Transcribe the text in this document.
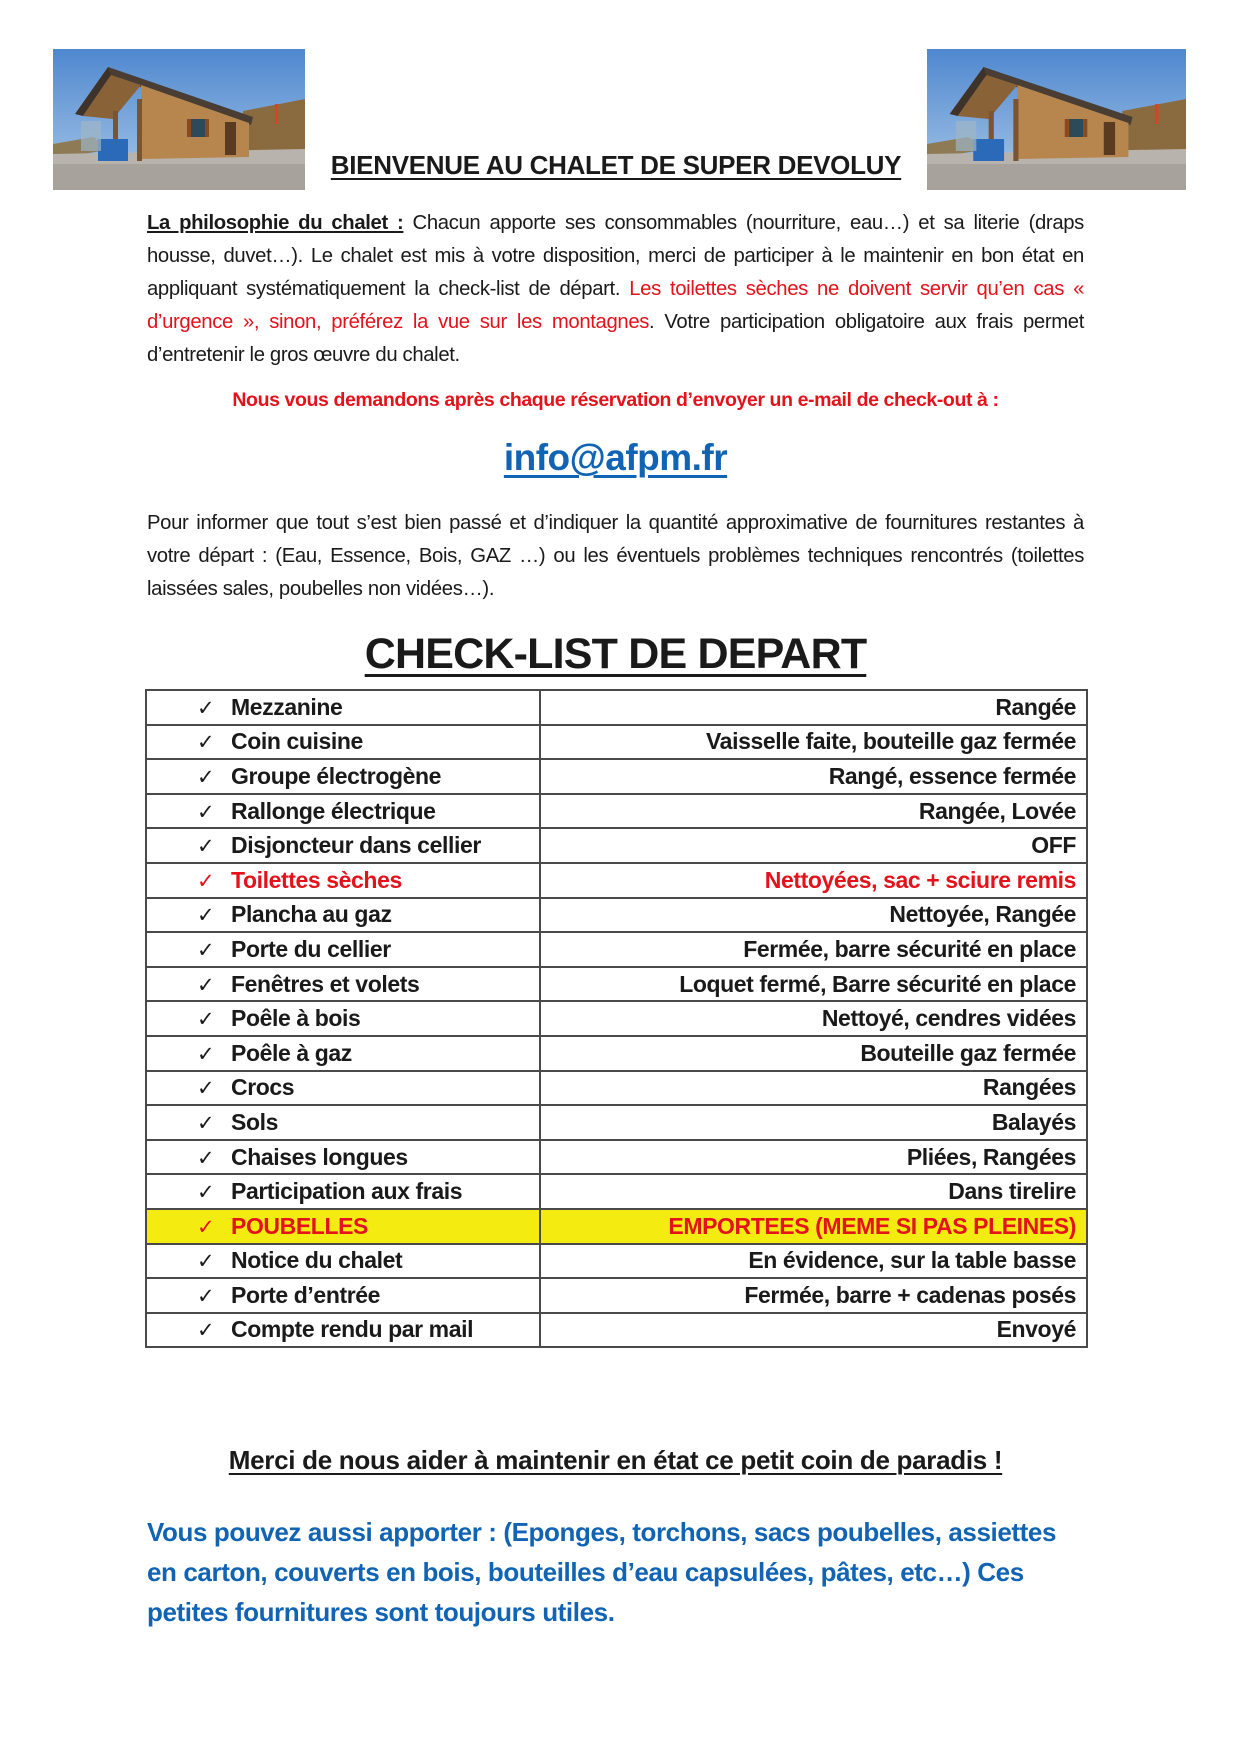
BIENVENUE AU CHALET DE SUPER DEVOLUY
La philosophie du chalet : Chacun apporte ses consommables (nourriture, eau…) et sa literie (draps housse, duvet…). Le chalet est mis à votre disposition, merci de participer à le maintenir en bon état en appliquant systématiquement la check-list de départ. Les toilettes sèches ne doivent servir qu’en cas « d’urgence », sinon, préférez la vue sur les montagnes. Votre participation obligatoire aux frais permet d’entretenir le gros œuvre du chalet.
Nous vous demandons après chaque réservation d’envoyer un e-mail de check-out à :
info@afpm.fr
Pour informer que tout s’est bien passé et d’indiquer la quantité approximative de fournitures restantes à votre départ : (Eau, Essence, Bois, GAZ …) ou les éventuels problèmes techniques rencontrés (toilettes laissées sales, poubelles non vidées…).
CHECK-LIST DE DEPART
✓ Mezzanine	Rangée
✓ Coin cuisine	Vaisselle faite, bouteille gaz fermée
✓ Groupe électrogène	Rangé, essence fermée
✓ Rallonge électrique	Rangée, Lovée
✓ Disjoncteur dans cellier	OFF
✓ Toilettes sèches	Nettoyées, sac + sciure remis
✓ Plancha au gaz	Nettoyée, Rangée
✓ Porte du cellier	Fermée, barre sécurité en place
✓ Fenêtres et volets	Loquet fermé, Barre sécurité en place
✓ Poêle à bois	Nettoyé, cendres vidées
✓ Poêle à gaz	Bouteille gaz fermée
✓ Crocs	Rangées
✓ Sols	Balayés
✓ Chaises longues	Pliées, Rangées
✓ Participation aux frais	Dans tirelire
✓ POUBELLES	EMPORTEES (MEME SI PAS PLEINES)
✓ Notice du chalet	En évidence, sur la table basse
✓ Porte d’entrée	Fermée, barre + cadenas posés
✓ Compte rendu par mail	Envoyé
Merci de nous aider à maintenir en état ce petit coin de paradis !
Vous pouvez aussi apporter : (Eponges, torchons, sacs poubelles, assiettes en carton, couverts en bois, bouteilles d’eau capsulées, pâtes, etc…) Ces petites fournitures sont toujours utiles.
